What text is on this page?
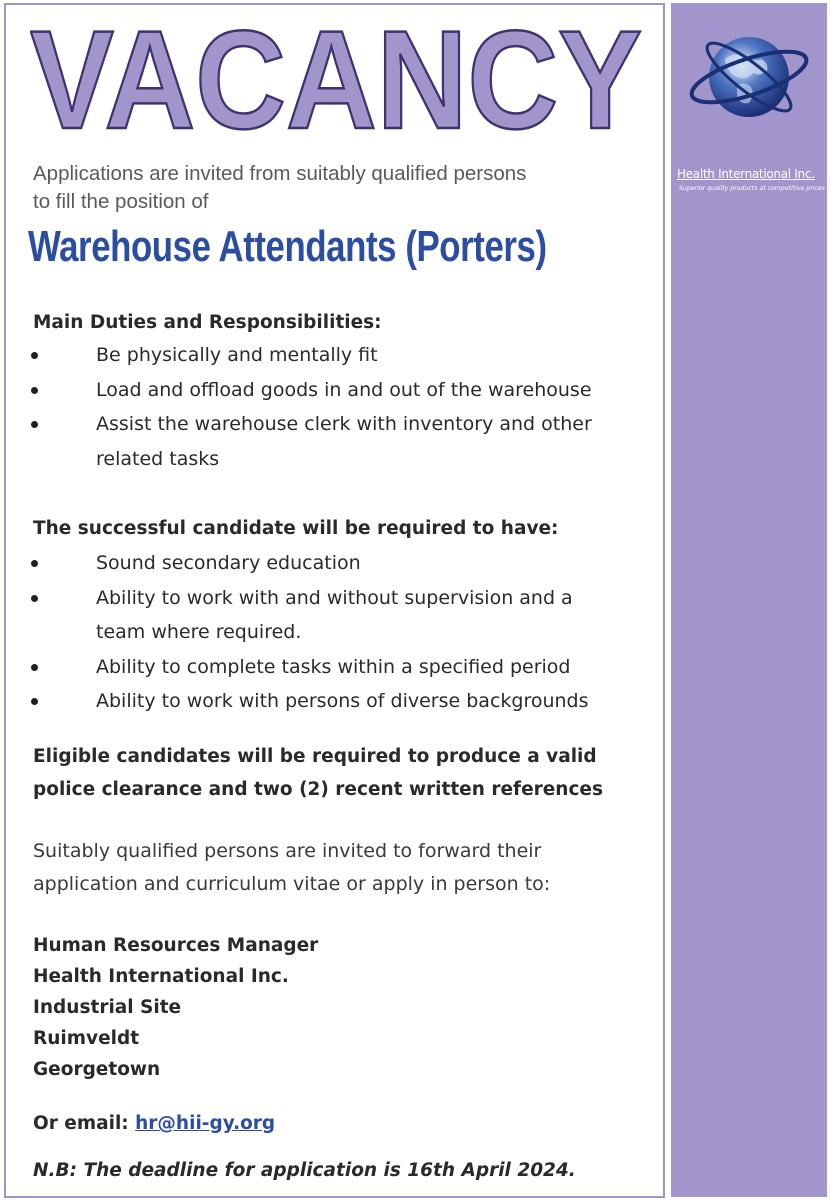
Health International Inc.
Superior quality products at competitive prices
VACANCY
Applications are invited from suitably qualified persons
to fill the position of
Warehouse Attendants (Porters)
Main Duties and Responsibilities:
Be physically and mentally fit
Load and offload goods in and out of the warehouse
Assist the warehouse clerk with inventory and other related tasks
The successful candidate will be required to have:
Sound secondary education
Ability to work with and without supervision and a team where required.
Ability to complete tasks within a specified period
Ability to work with persons of diverse backgrounds
Eligible candidates will be required to produce a valid police clearance and two (2) recent written references
Suitably qualified persons are invited to forward their application and curriculum vitae or apply in person to:
Human Resources Manager
Health International Inc.
Industrial Site
Ruimveldt
Georgetown
Or email: hr@hii-gy.org
N.B: The deadline for application is 16th April 2024.
